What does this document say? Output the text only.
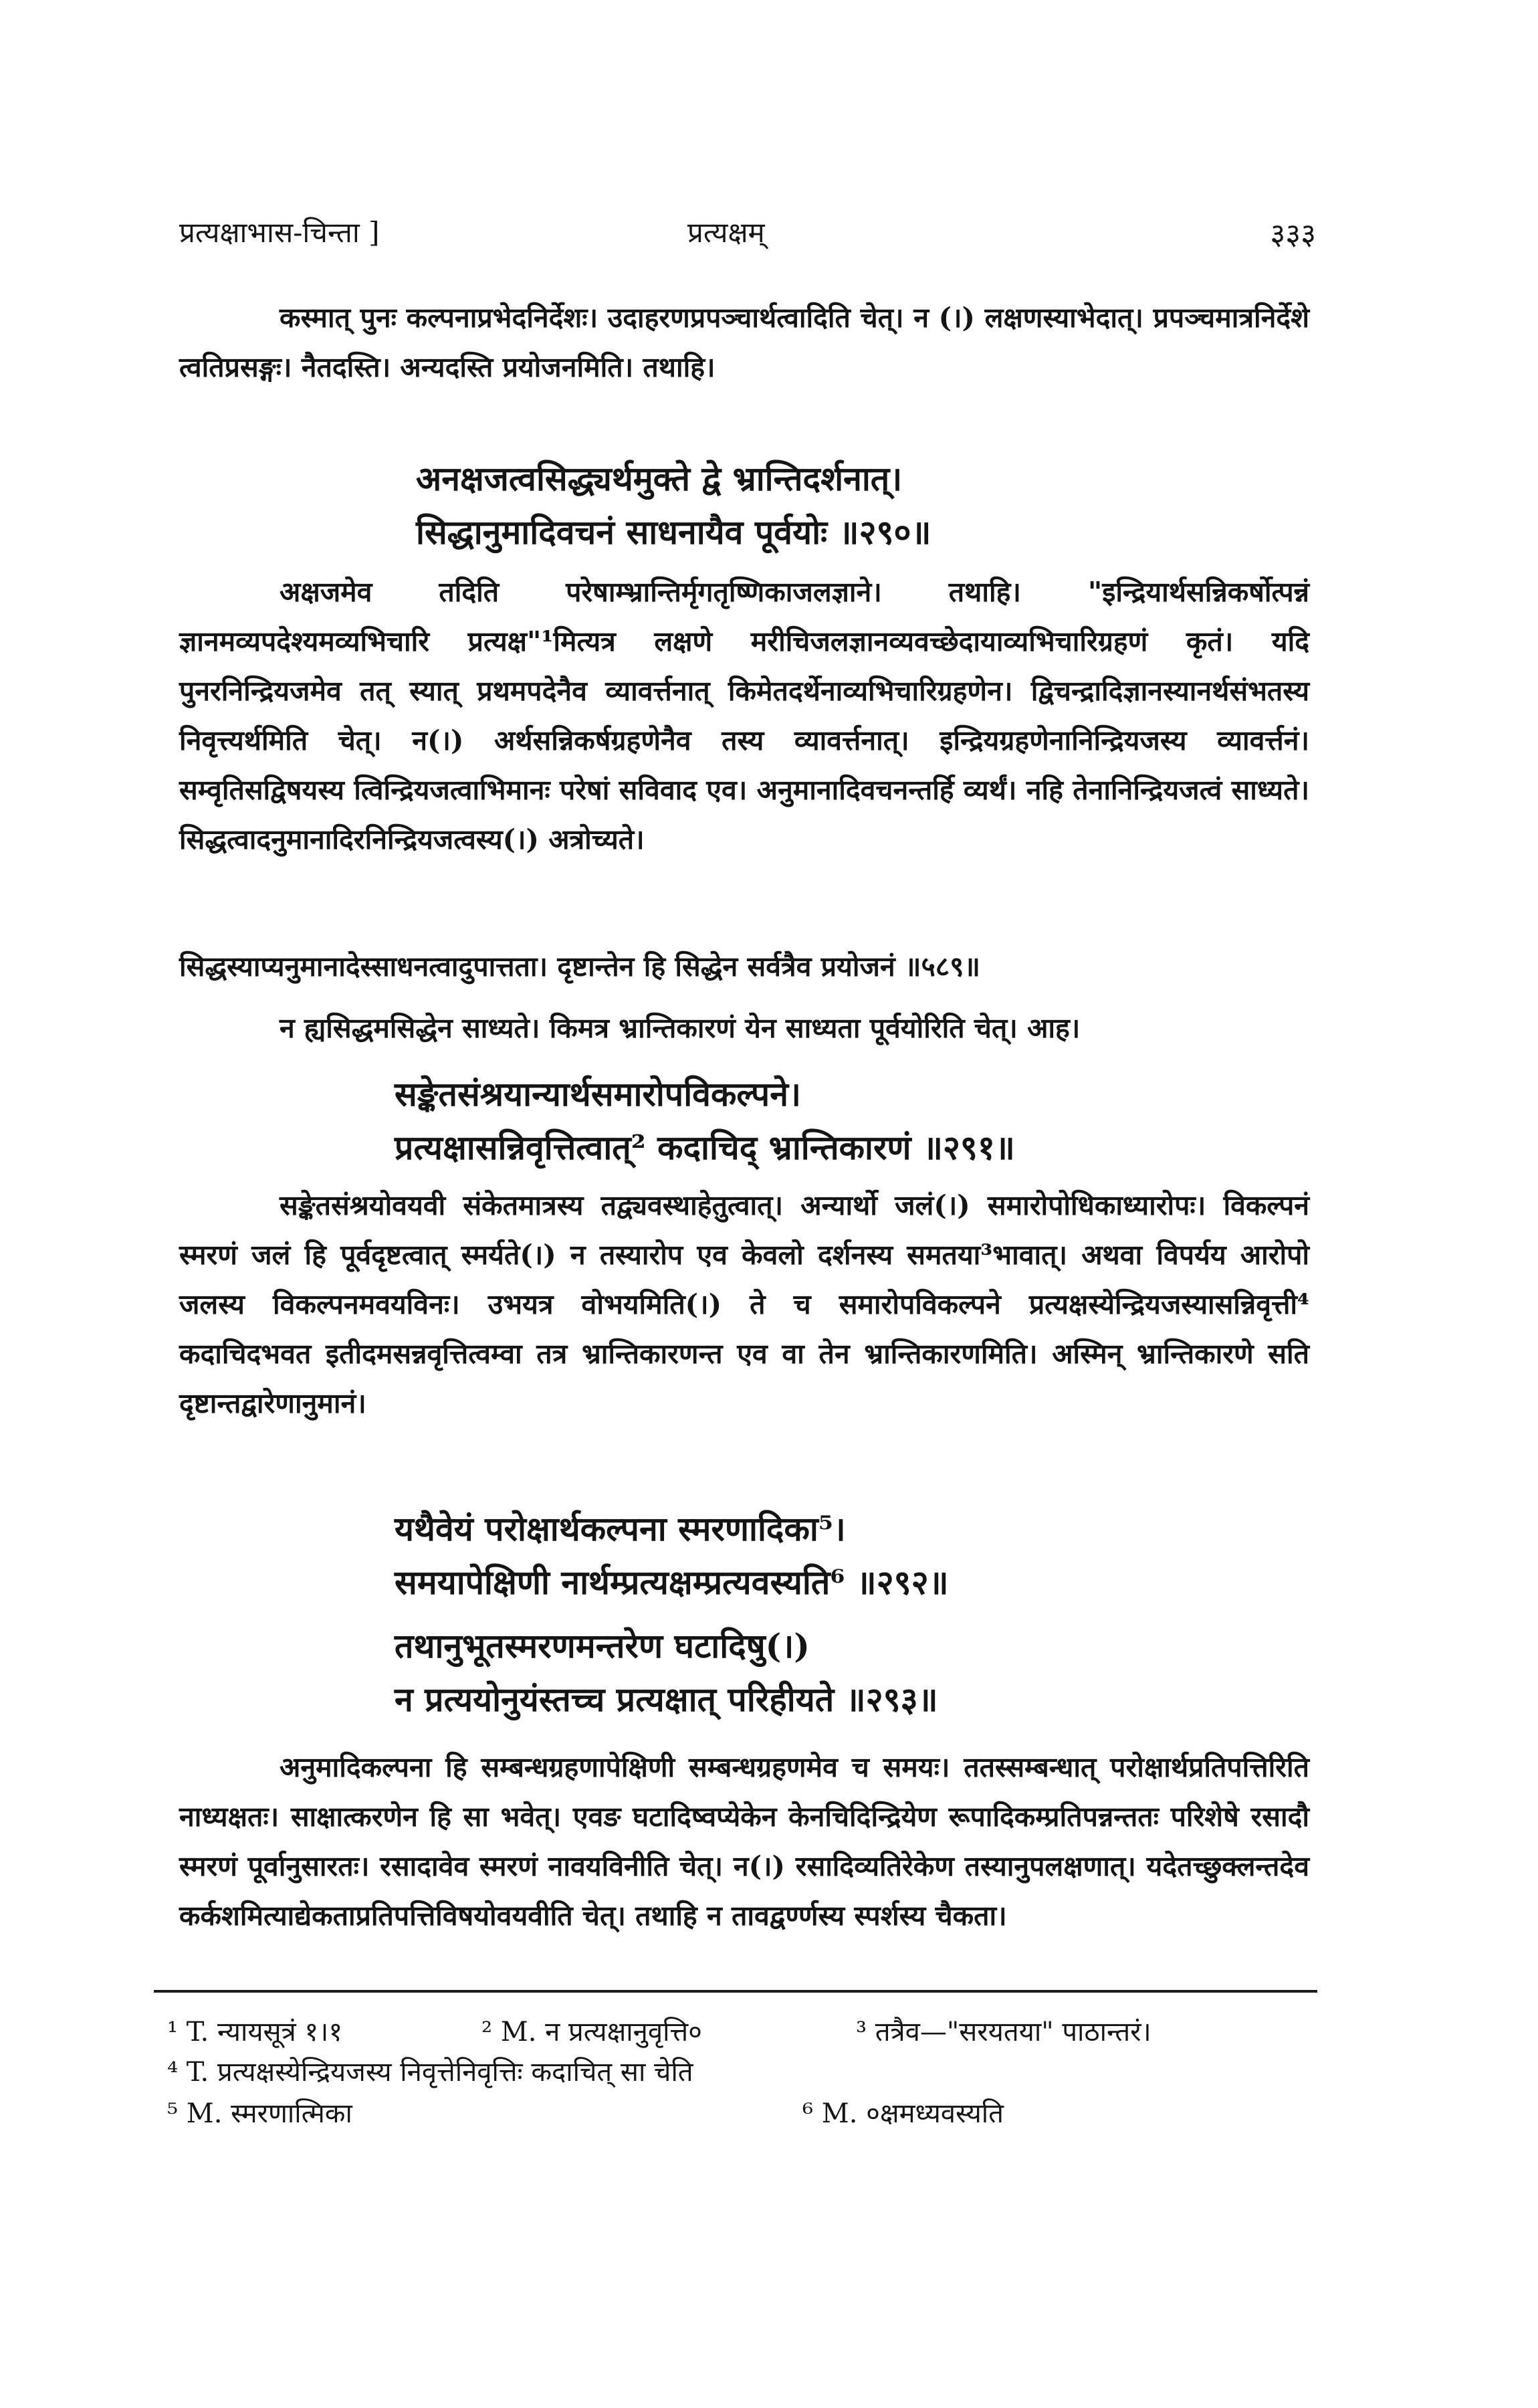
प्रत्यक्षाभास-चिन्ता ]	प्रत्यक्षम्	३३३

कस्मात् पुनः कल्पनाप्रभेदनिर्देशः। उदाहरणप्रपञ्चार्थत्वादिति चेत्। न (।) लक्षणस्याभेदात्। प्रपञ्चमात्रनिर्देशे त्वतिप्रसङ्गः। नैतदस्ति। अन्यदस्ति प्रयोजनमिति। तथाहि।

अनक्षजत्वसिद्ध्यर्थमुक्ते द्वे भ्रान्तिदर्शनात्।

सिद्धानुमादिवचनं साधनायैव पूर्वयोः ॥२९०॥

अक्षजमेव तदिति परेषाम्भ्रान्तिर्मृगतृष्णिकाजलज्ञाने। तथाहि। "इन्द्रियार्थसन्निकर्षोत्पन्नं ज्ञानमव्यपदेश्यमव्यभिचारि प्रत्यक्ष"¹मित्यत्र लक्षणे मरीचिजलज्ञानव्यवच्छेदायाव्यभिचारिग्रहणं कृतं। यदि पुनरनिन्द्रियजमेव तत् स्यात् प्रथमपदेनैव व्यावर्त्तनात् किमेतदर्थेनाव्यभिचारिग्रहणेन। द्विचन्द्रादिज्ञानस्यानर्थसंभतस्य निवृत्त्यर्थमिति चेत्। न(।) अर्थसन्निकर्षग्रहणेनैव तस्य व्यावर्त्तनात्। इन्द्रियग्रहणेनानिन्द्रियजस्य व्यावर्त्तनं। सम्वृतिसद्विषयस्य त्विन्द्रियजत्वाभिमानः परेषां सविवाद एव। अनुमानादिवचनन्तर्हि व्यर्थं। नहि तेनानिन्द्रियजत्वं साध्यते। सिद्धत्वादनुमानादिरनिन्द्रियजत्वस्य(।) अत्रोच्यते।

सिद्धस्याप्यनुमानादेस्साधनत्वादुपात्तता। दृष्टान्तेन हि सिद्धेन सर्वत्रैव प्रयोजनं ॥५८९॥

न ह्यसिद्धमसिद्धेन साध्यते। किमत्र भ्रान्तिकारणं येन साध्यता पूर्वयोरिति चेत्। आह।

सङ्केतसंश्रयान्यार्थसमारोपविकल्पने।

प्रत्यक्षासन्निवृत्तित्वात्² कदाचिद् भ्रान्तिकारणं ॥२९१॥

सङ्केतसंश्रयोवयवी संकेतमात्रस्य तद्व्यवस्थाहेतुत्वात्। अन्यार्थो जलं(।) समारोपोधिकाध्यारोपः। विकल्पनं स्मरणं जलं हि पूर्वदृष्टत्वात् स्मर्यते(।) न तस्यारोप एव केवलो दर्शनस्य समतया³भावात्। अथवा विपर्यय आरोपो जलस्य विकल्पनमवयविनः। उभयत्र वोभयमिति(।) ते च समारोपविकल्पने प्रत्यक्षस्येन्द्रियजस्यासन्निवृत्ती⁴ कदाचिदभवत इतीदमसन्नवृत्तित्वम्वा तत्र भ्रान्तिकारणन्त एव वा तेन भ्रान्तिकारणमिति। अस्मिन् भ्रान्तिकारणे सति दृष्टान्तद्वारेणानुमानं।

यथैवेयं परोक्षार्थकल्पना स्मरणादिका⁵।

समयापेक्षिणी नार्थम्प्रत्यक्षम्प्रत्यवस्यति⁶ ॥२९२॥

तथानुभूतस्मरणमन्तरेण घटादिषु(।)

न प्रत्ययोनुयंस्तच्च प्रत्यक्षात् परिहीयते ॥२९३॥

अनुमादिकल्पना हि सम्बन्धग्रहणापेक्षिणी सम्बन्धग्रहणमेव च समयः। ततस्सम्बन्धात् परोक्षार्थप्रतिपत्तिरिति नाध्यक्षतः। साक्षात्करणेन हि सा भवेत्। एवङ घटादिष्वप्येकेन केनचिदिन्द्रियेण रूपादिकम्प्रतिपन्नन्ततः परिशेषे रसादौ स्मरणं पूर्वानुसारतः। रसादावेव स्मरणं नावयविनीति चेत्। न(।) रसादिव्यतिरेकेण तस्यानुपलक्षणात्। यदेतच्छुक्लन्तदेव कर्कशमित्याद्येकताप्रतिपत्तिविषयोवयवीति चेत्। तथाहि न तावद्वर्ण्णस्य स्पर्शस्य चैकता।

¹ T. न्यायसूत्रं १।१	² M. न प्रत्यक्षानुवृत्ति०	³ तत्रैव—"सरयतया" पाठान्तरं।

⁴ T. प्रत्यक्षस्येन्द्रियजस्य निवृत्तेनिवृत्तिः कदाचित् सा चेति

⁵ M. स्मरणात्मिका	⁶ M. ०क्षमध्यवस्यति
